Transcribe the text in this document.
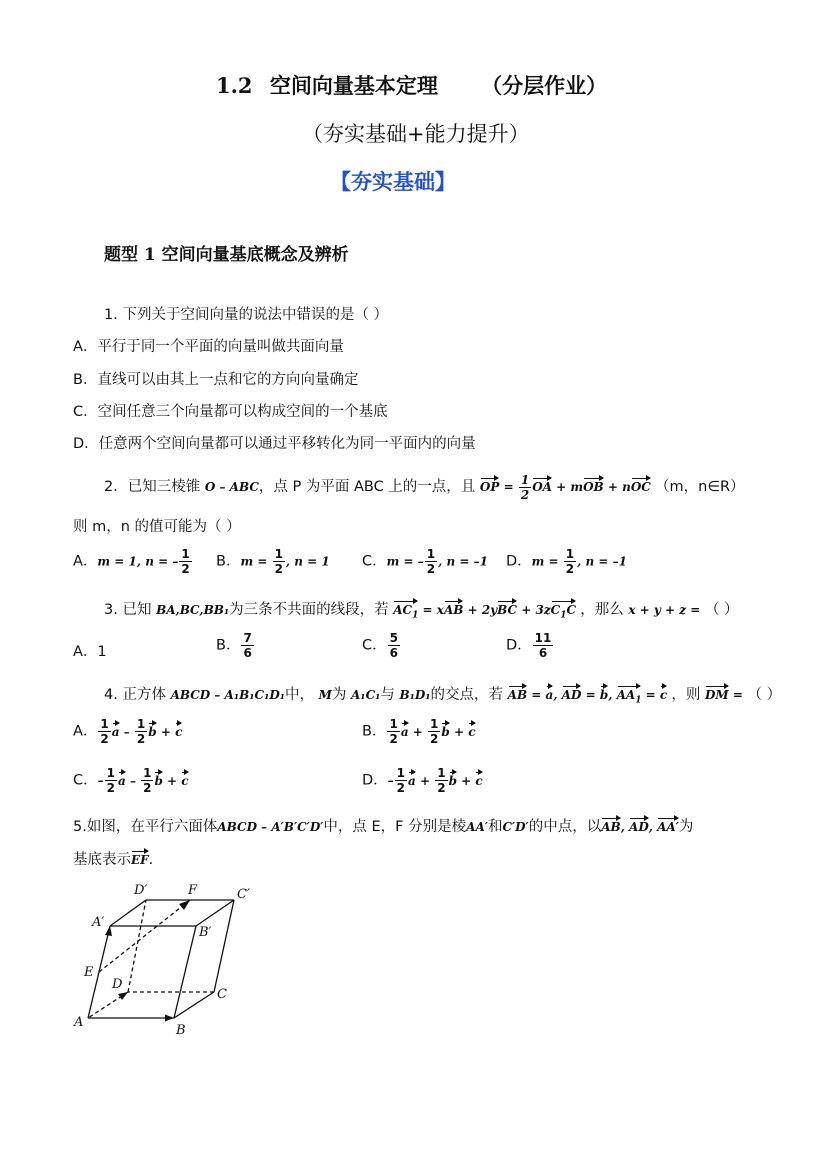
1.2 空间向量基本定理 （分层作业）
（夯实基础+能力提升）
【夯实基础】
题型 1 空间向量基底概念及辨析
1. 下列关于空间向量的说法中错误的是（ ）
A．平行于同一个平面的向量叫做共面向量
B．直线可以由其上一点和它的方向向量确定
C．空间任意三个向量都可以构成空间的一个基底
D．任意两个空间向量都可以通过平移转化为同一平面内的向量
2．已知三棱锥 O – ABC，点 P 为平面 ABC 上的一点，且 OP = $\frac{1}{2}$ OA + mOB + nOC （m，n∈R）
则 m，n 的值可能为（ ）
A．m = 1, n = – $\frac{1}{2}$ B．$m = \frac{1}{2}$ , n = 1 C．m = – $\frac{1}{2}$ , n = –1 D．$m = \frac{1}{2}$ , n = –1
3. 已知 BA,BC,BB₁为三条不共面的线段，若 $AC_1$ = xAB + $2yBC + 3zC_1C$ ，那么 x + y + z = （ ）
A．1	B． $\frac{7}{6}$	C． $\frac{5}{6}$	D． $\frac{11}{6}$
4. 正方体 ABCD – A₁B₁C₁D₁中， M为 A₁C₁与 B₁D₁的交点，若 AB = a, AD = b, $AA_1 = c$ ，则 DM = （ ）
A． $\frac{1}{2}$ a – $\frac{1}{2}$ b + c	B． $\frac{1}{2}$ $a + \frac{1}{2}$ b + c
C．– $\frac{1}{2}$ a – $\frac{1}{2}$ b + c	D．– $\frac{1}{2}$ $a + \frac{1}{2}$ b + c
5.如图，在平行六面体ABCD – A′B′C′D′中，点 E，F 分别是棱AA′和C′D′的中点，以AB, AD, AA′为
基底表示EF.
A
B
C
D
A′
B′
C′
D′
E
F
